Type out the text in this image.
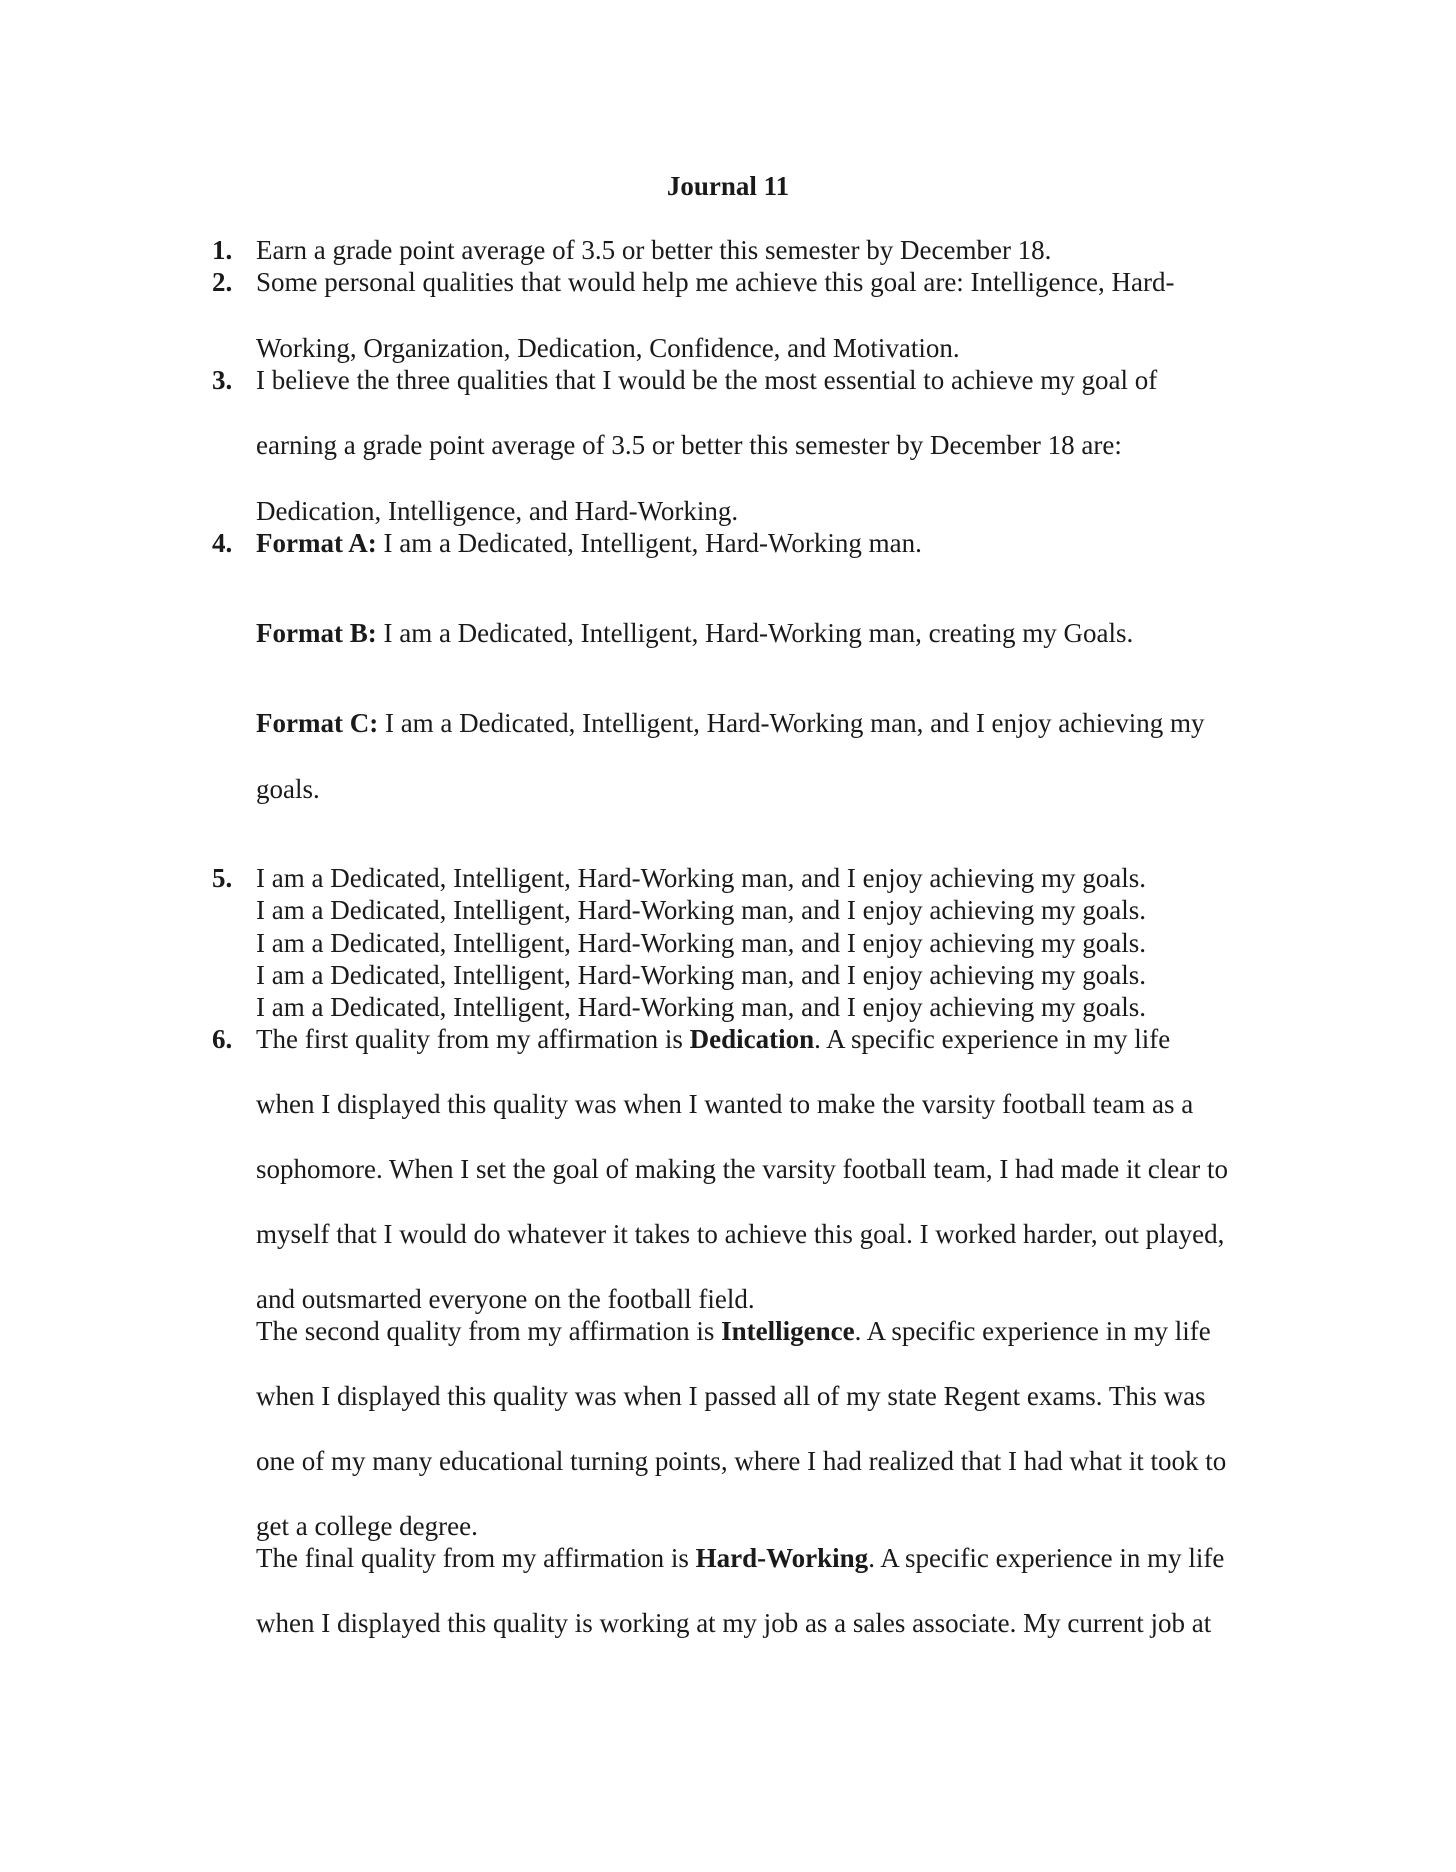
Journal 11
1. Earn a grade point average of 3.5 or better this semester by December 18.
2. Some personal qualities that would help me achieve this goal are: Intelligence, Hard-
Working, Organization, Dedication, Confidence, and Motivation.
3. I believe the three qualities that I would be the most essential to achieve my goal of
earning a grade point average of 3.5 or better this semester by December 18 are:
Dedication, Intelligence, and Hard-Working.
4. Format A: I am a Dedicated, Intelligent, Hard-Working man.
Format B: I am a Dedicated, Intelligent, Hard-Working man, creating my Goals.
Format C: I am a Dedicated, Intelligent, Hard-Working man, and I enjoy achieving my
goals.
5. I am a Dedicated, Intelligent, Hard-Working man, and I enjoy achieving my goals.
I am a Dedicated, Intelligent, Hard-Working man, and I enjoy achieving my goals.
I am a Dedicated, Intelligent, Hard-Working man, and I enjoy achieving my goals.
I am a Dedicated, Intelligent, Hard-Working man, and I enjoy achieving my goals.
I am a Dedicated, Intelligent, Hard-Working man, and I enjoy achieving my goals.
6. The first quality from my affirmation is Dedication. A specific experience in my life
when I displayed this quality was when I wanted to make the varsity football team as a
sophomore. When I set the goal of making the varsity football team, I had made it clear to
myself that I would do whatever it takes to achieve this goal. I worked harder, out played,
and outsmarted everyone on the football field.
The second quality from my affirmation is Intelligence. A specific experience in my life
when I displayed this quality was when I passed all of my state Regent exams. This was
one of my many educational turning points, where I had realized that I had what it took to
get a college degree.
The final quality from my affirmation is Hard-Working. A specific experience in my life
when I displayed this quality is working at my job as a sales associate. My current job at
